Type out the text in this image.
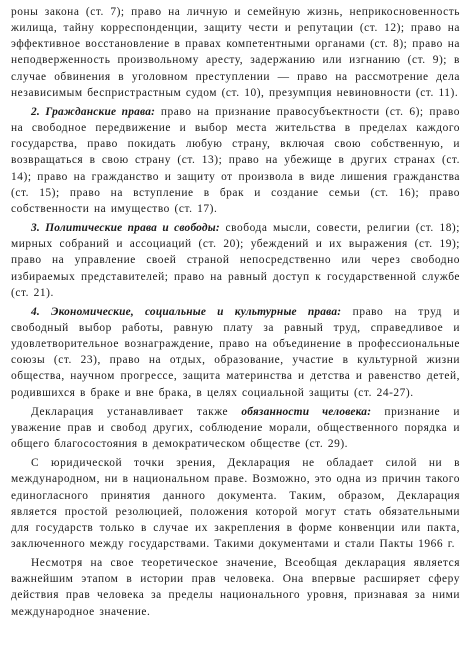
роны закона (ст. 7); право на личную и семейную жизнь, неприкосновенность жилища, тайну корреспонденции, защиту чести и репутации (ст. 12); право на эффективное восстановление в правах компетентными органами (ст. 8); право на неподверженность произвольному аресту, задержанию или изгнанию (ст. 9); в случае обвинения в уголовном преступлении — право на рассмотрение дела независимым беспристрастным судом (ст. 10), презумпция невиновности (ст. 11).

2. Гражданские права: право на признание правосубъектности (ст. 6); право на свободное передвижение и выбор места жительства в пределах каждого государства, право покидать любую страну, включая свою собственную, и возвращаться в свою страну (ст. 13); право на убежище в других странах (ст. 14); право на гражданство и защиту от произвола в виде лишения гражданства (ст. 15); право на вступление в брак и создание семьи (ст. 16); право собственности на имущество (ст. 17).

3. Политические права и свободы: свобода мысли, совести, религии (ст. 18); мирных собраний и ассоциаций (ст. 20); убеждений и их выражения (ст. 19); право на управление своей страной непосредственно или через свободно избираемых представителей; право на равный доступ к государственной службе (ст. 21).

4. Экономические, социальные и культурные права: право на труд и свободный выбор работы, равную плату за равный труд, справедливое и удовлетворительное вознаграждение, право на объединение в профессиональные союзы (ст. 23), право на отдых, образование, участие в культурной жизни общества, научном прогрессе, защита материнства и детства и равенство детей, родившихся в браке и вне брака, в целях социальной защиты (ст. 24-27).

Декларация устанавливает также обязанности человека: признание и уважение прав и свобод других, соблюдение морали, общественного порядка и общего благосостояния в демократическом обществе (ст. 29).

С юридической точки зрения, Декларация не обладает силой ни в международном, ни в национальном праве. Возможно, это одна из причин такого единогласного принятия данного документа. Таким, образом, Декларация является простой резолюцией, положения которой могут стать обязательными для государств только в случае их закрепления в форме конвенции или пакта, заключенного между государствами. Такими документами и стали Пакты 1966 г.

Несмотря на свое теоретическое значение, Всеобщая декларация является важнейшим этапом в истории прав человека. Она впервые расширяет сферу действия прав человека за пределы национального уровня, признавая за ними международное значение.
